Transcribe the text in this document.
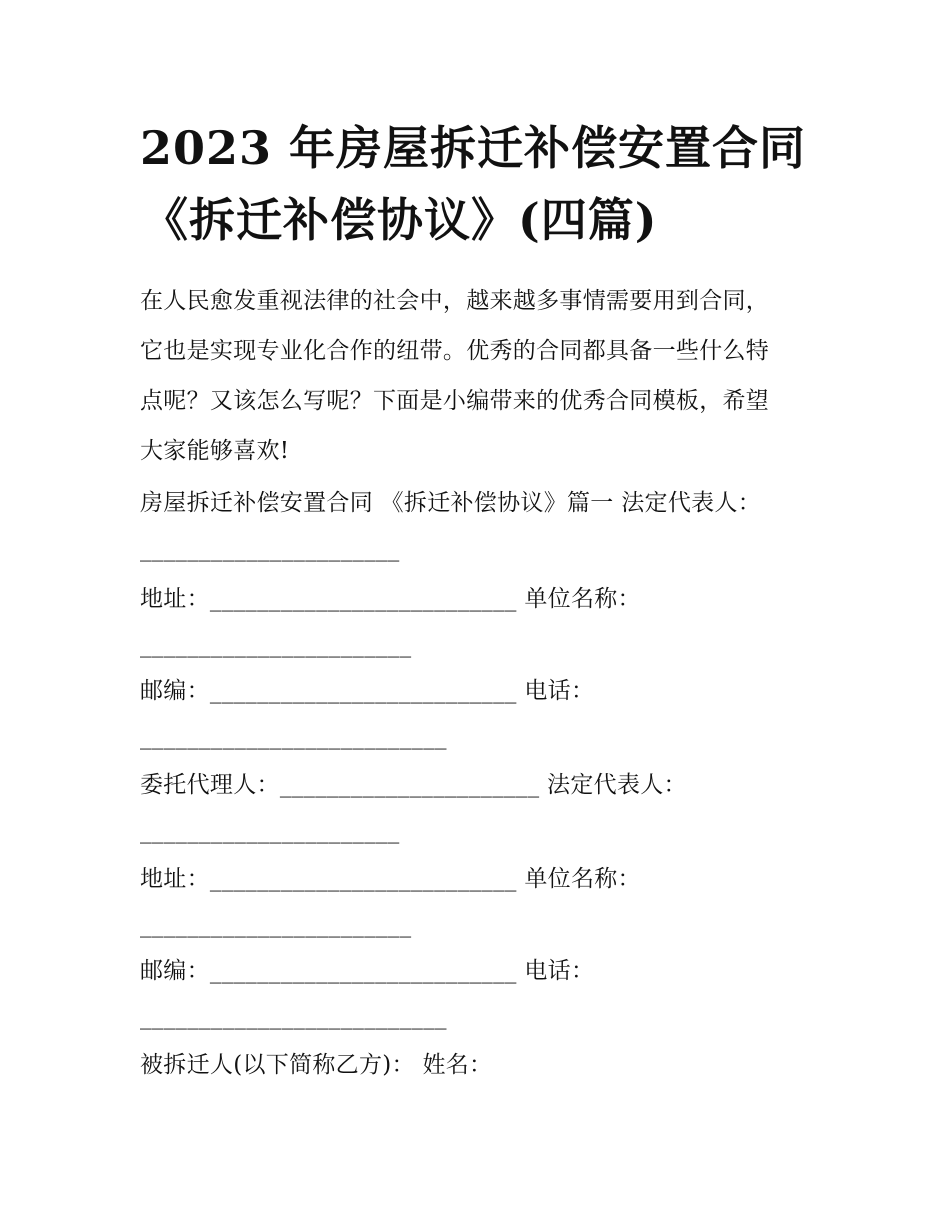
2023 年房屋拆迁补偿安置合同
《拆迁补偿协议》(四篇)
在人民愈发重视法律的社会中，越来越多事情需要用到合同，
它也是实现专业化合作的纽带。优秀的合同都具备一些什么特
点呢？又该怎么写呢？下面是小编带来的优秀合同模板，希望
大家能够喜欢!
房屋拆迁补偿安置合同 《拆迁补偿协议》篇一 法定代表人：
______________________
地址：__________________________ 单位名称：
_______________________
邮编：__________________________ 电话：
__________________________
委托代理人：______________________ 法定代表人：
______________________
地址：__________________________ 单位名称：
_______________________
邮编：__________________________ 电话：
__________________________
被拆迁人(以下简称乙方)： 姓名：
